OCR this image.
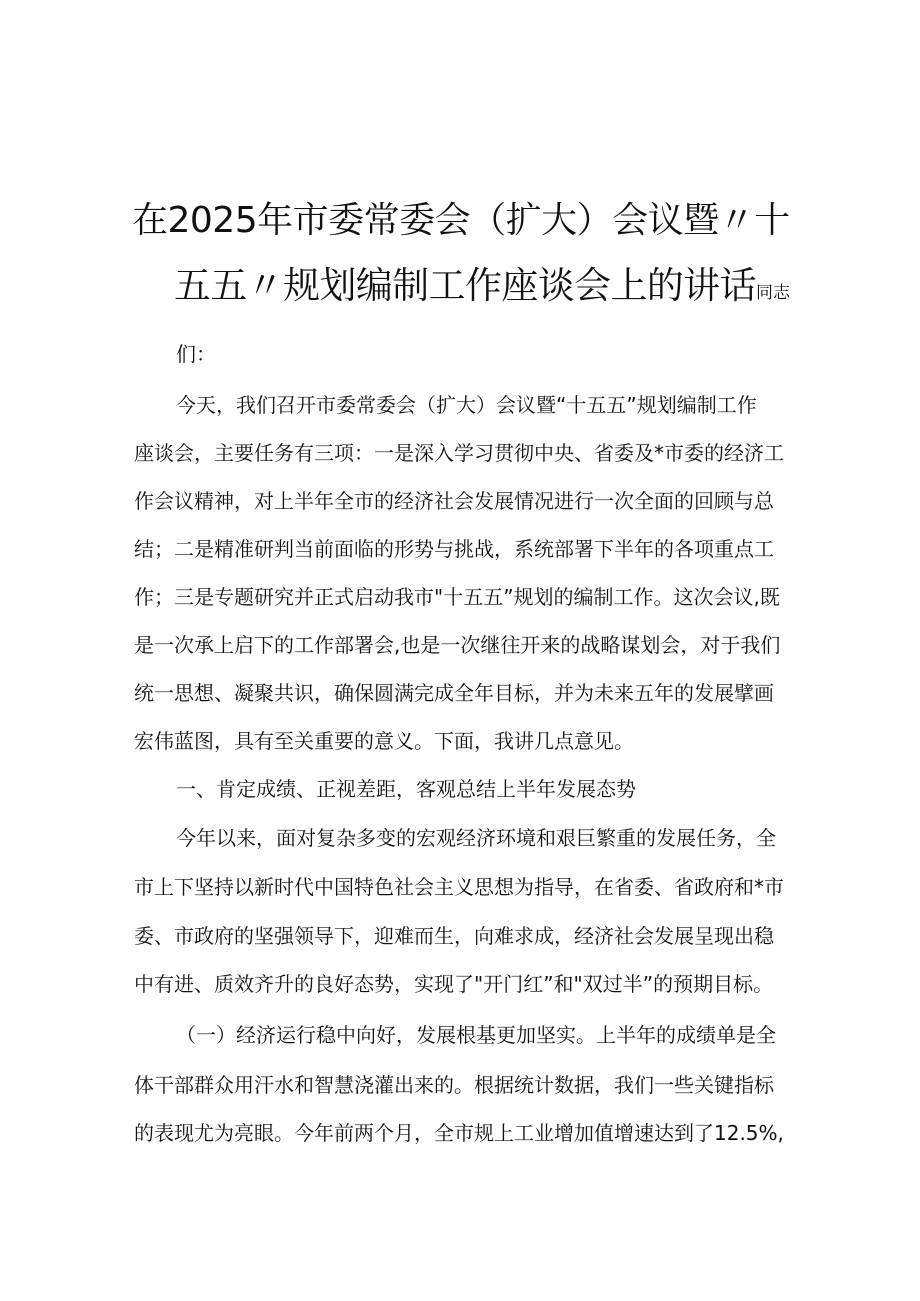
在2025年市委常委会（扩大）会议暨〃十
五五〃规划编制工作座谈会上的讲话同志

们：

今天，我们召开市委常委会（扩大）会议暨“十五五”规划编制工作

座谈会，主要任务有三项：一是深入学习贯彻中央、省委及*市委的经济工

作会议精神，对上半年全市的经济社会发展情况进行一次全面的回顾与总

结；二是精准研判当前面临的形势与挑战，系统部署下半年的各项重点工

作；三是专题研究并正式启动我市"十五五”规划的编制工作。这次会议,既

是一次承上启下的工作部署会,也是一次继往开来的战略谋划会，对于我们

统一思想、凝聚共识，确保圆满完成全年目标，并为未来五年的发展擘画

宏伟蓝图，具有至关重要的意义。下面，我讲几点意见。

一、肯定成绩、正视差距，客观总结上半年发展态势

今年以来，面对复杂多变的宏观经济环境和艰巨繁重的发展任务，全

市上下坚持以新时代中国特色社会主义思想为指导，在省委、省政府和*市

委、市政府的坚强领导下，迎难而生，向难求成，经济社会发展呈现出稳

中有进、质效齐升的良好态势，实现了"开门红”和"双过半”的预期目标。

（一）经济运行稳中向好，发展根基更加坚实。上半年的成绩单是全

体干部群众用汗水和智慧浇灌出来的。根据统计数据，我们一些关键指标

的表现尤为亮眼。今年前两个月，全市规上工业增加值增速达到了12.5%,
